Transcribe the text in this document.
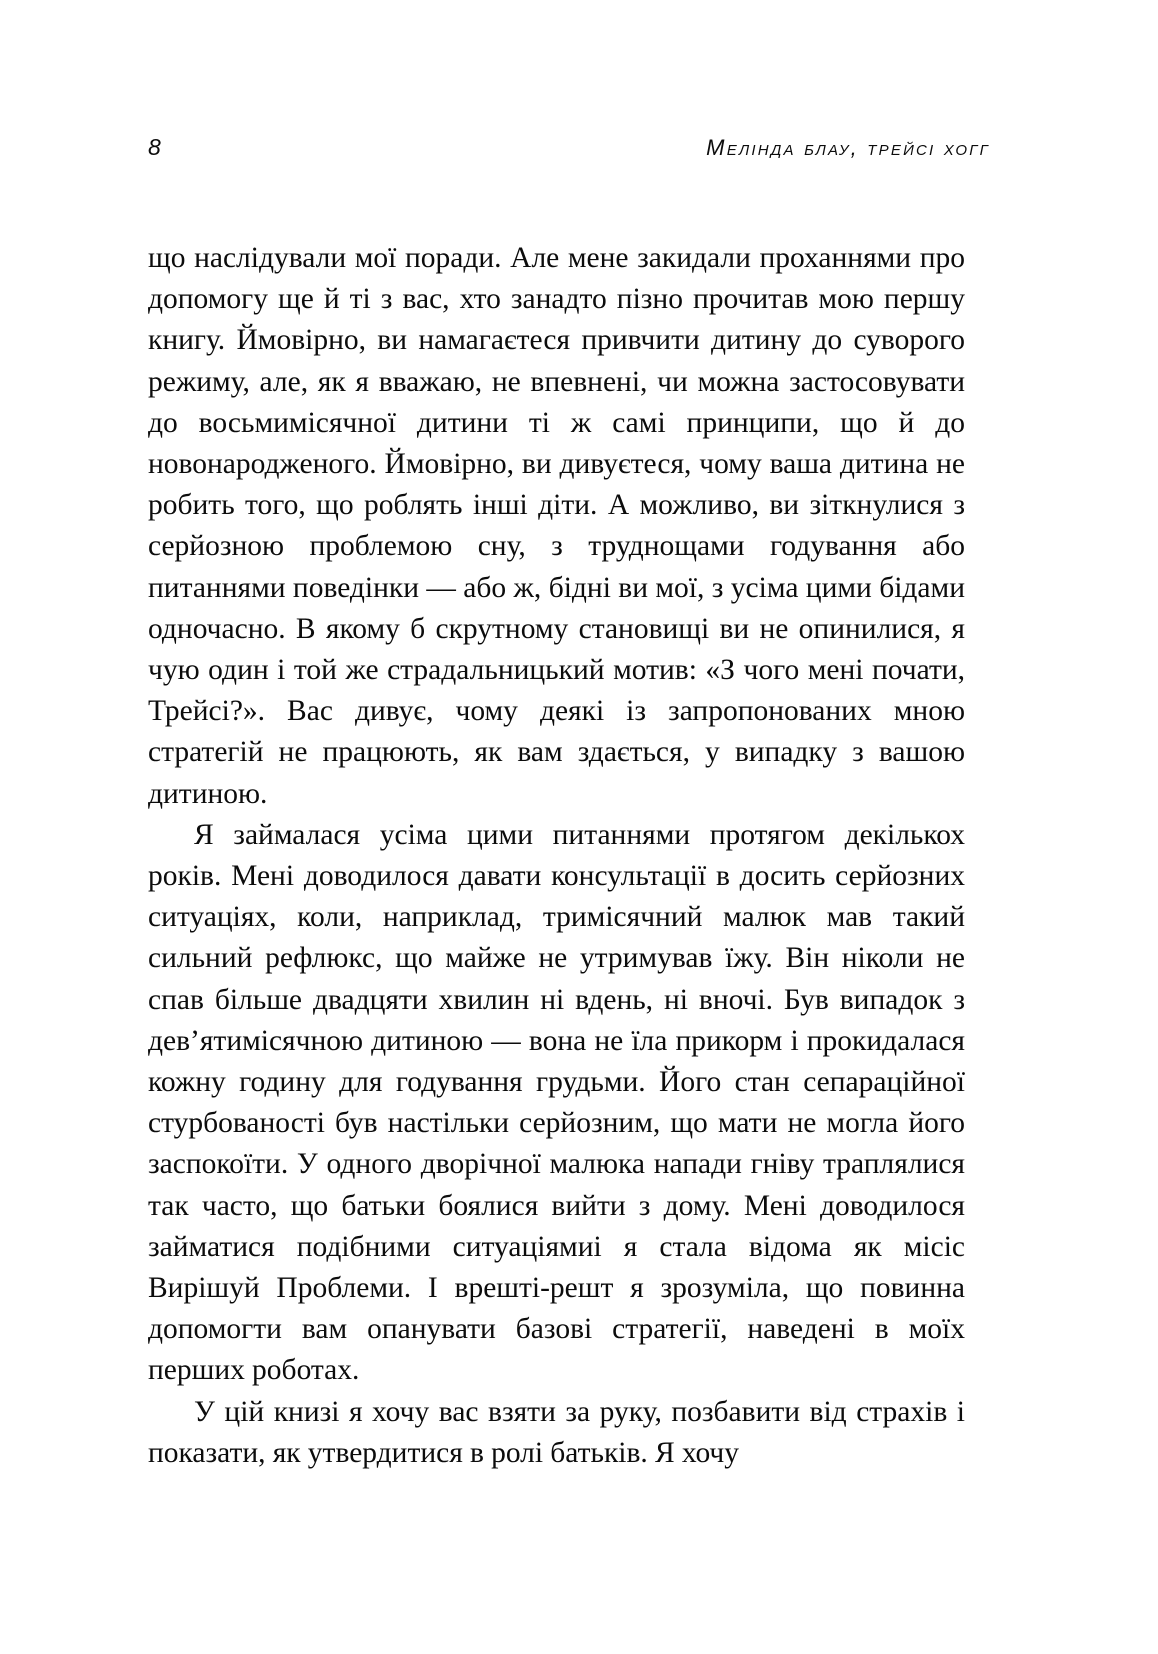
8	мелінда блау, трейсі хогг

що наслідували мої поради. Але мене закидали проханнями про допомогу ще й ті з вас, хто занадто пізно прочитав мою першу книгу. Ймовірно, ви намагаєтеся привчити дитину до суворого режиму, але, як я вважаю, не впевнені, чи можна застосовувати до восьмимісячної дитини ті ж самі принципи, що й до новонародженого. Ймовірно, ви дивуєтеся, чому ваша дитина не робить того, що роблять інші діти. А можливо, ви зіткнулися з серйозною проблемою сну, з труднощами годування або питаннями поведінки — або ж, бідні ви мої, з усіма цими бідами одночасно. В якому б скрутному становищі ви не опинилися, я чую один і той же страдальницький мотив: «З чого мені почати, Трейсі?». Вас дивує, чому деякі із запропонованих мною стратегій не працюють, як вам здається, у випадку з вашою дитиною.

Я займалася усіма цими питаннями протягом декількох років. Мені доводилося давати консультації в досить серйозних ситуаціях, коли, наприклад, тримісячний малюк мав такий сильний рефлюкс, що майже не утримував їжу. Він ніколи не спав більше двадцяти хвилин ні вдень, ні вночі. Був випадок з дев’ятимісячною дитиною — вона не їла прикорм і прокидалася кожну годину для годування грудьми. Його стан сепараційної стурбованості був настільки серйозним, що мати не могла його заспокоїти. У одного дворічної малюка напади гніву траплялися так часто, що батьки боялися вийти з дому. Мені доводилося займатися подібними ситуаціямиі я стала відома як місіс Вирішуй Проблеми. І врешті-решт я зрозуміла, що повинна допомогти вам опанувати базові стратегії, наведені в моїх перших роботах.

У цій книзі я хочу вас взяти за руку, позбавити від страхів і показати, як утвердитися в ролі батьків. Я хочу
